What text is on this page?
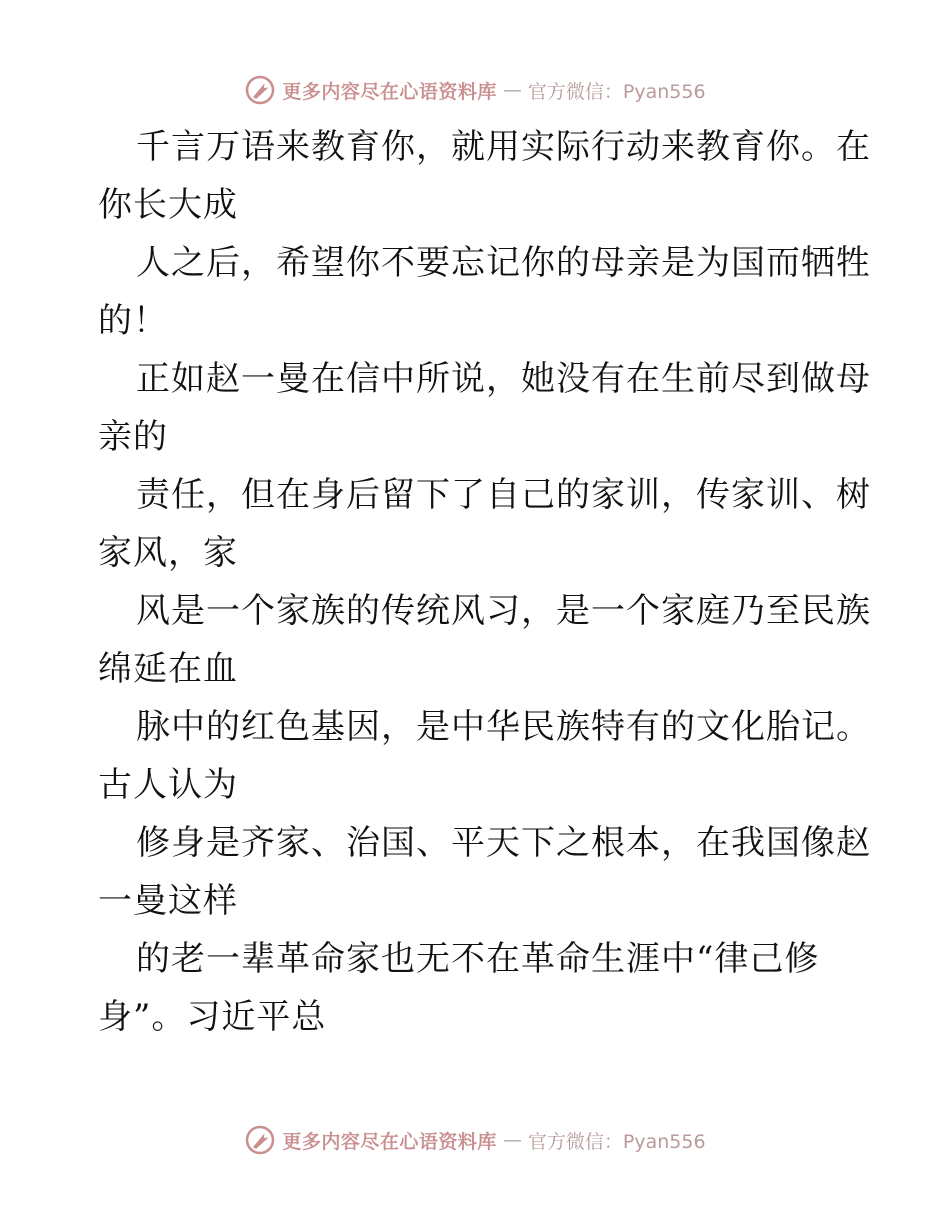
更多内容尽在心语资料库 — 官方微信：Pyan556
千言万语来教育你，就用实际行动来教育你。在
你长大成
人之后，希望你不要忘记你的母亲是为国而牺牲
的！
正如赵一曼在信中所说，她没有在生前尽到做母
亲的
责任，但在身后留下了自己的家训，传家训、树
家风，家
风是一个家族的传统风习，是一个家庭乃至民族
绵延在血
脉中的红色基因，是中华民族特有的文化胎记。
古人认为
修身是齐家、治国、平天下之根本，在我国像赵
一曼这样
的老一辈革命家也无不在革命生涯中“律己修
身”。习近平总
更多内容尽在心语资料库 — 官方微信：Pyan556
